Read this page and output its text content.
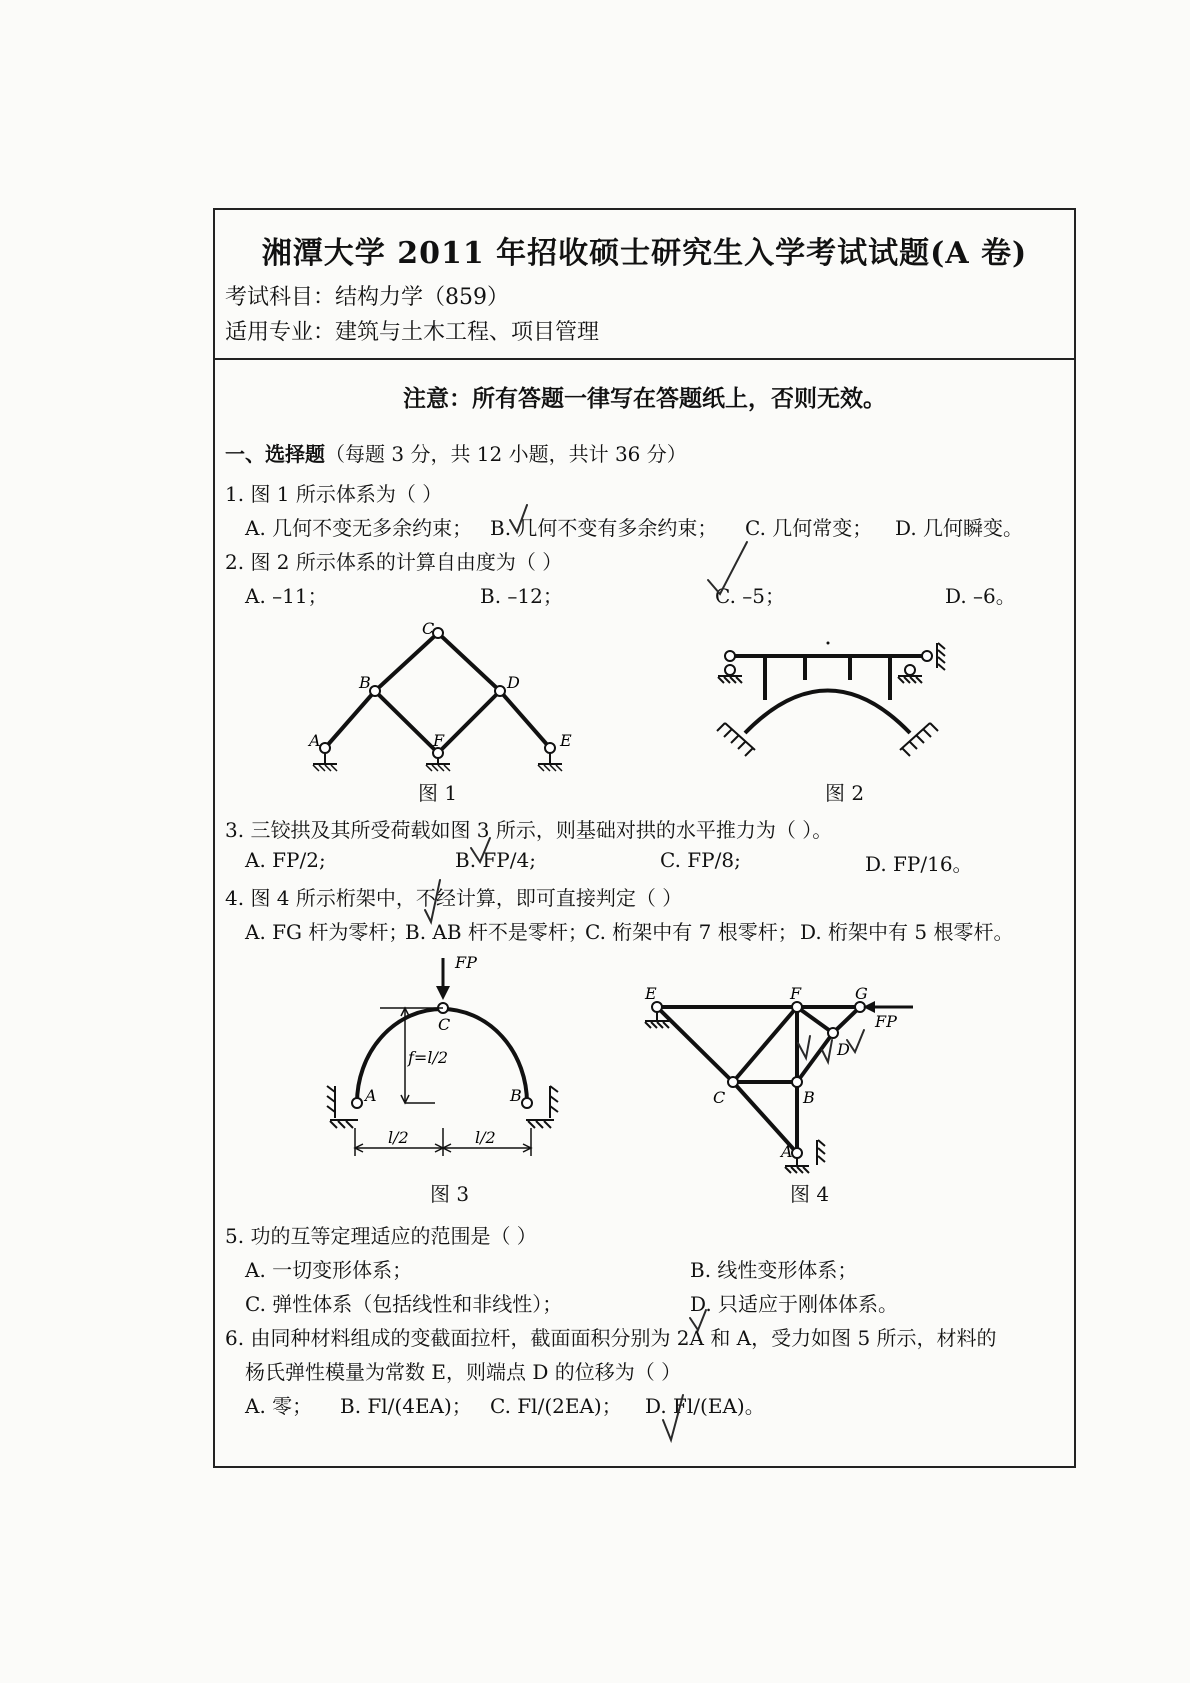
湘潭大学 2011 年招收硕士研究生入学考试试题(A 卷)
考试科目：结构力学（859）
适用专业：建筑与土木工程、项目管理
注意：所有答题一律写在答题纸上，否则无效。
一、选择题（每题 3 分，共 12 小题，共计 36 分）
1. 图 1 所示体系为（ ）
A. 几何不变无多余约束； B. 几何不变有多余约束； C. 几何常变； D. 几何瞬变。
2. 图 2 所示体系的计算自由度为（ ）
A. –11；	B. –12；	C. –5；	D. –6。
A
B
C
D
E
F
图 1	图 2
3. 三铰拱及其所受荷载如图 3 所示，则基础对拱的水平推力为（ ）。
A. FP/2;	B. FP/4;	C. FP/8;	D. FP/16。
4. 图 4 所示桁架中，不经计算，即可直接判定（ ）
A. FG 杆为零杆；
B. AB 杆不是零杆；
C. 桁架中有 7 根零杆； D. 桁架中有 5 根零杆。
FP
C
A	B
f=l/2
l/2	l/2
图 3
E	F	G
FP
D
C	B
A
图 4
5. 功的互等定理适应的范围是（ ）
A. 一切变形体系；	B. 线性变形体系；
C. 弹性体系（包括线性和非线性）；	D. 只适应于刚体体系。
6. 由同种材料组成的变截面拉杆，截面面积分别为 2A 和 A，受力如图 5 所示，材料的
杨氏弹性模量为常数 E，则端点 D 的位移为（ ）
A. 零； B. Fl/(4EA)； C. Fl/(2EA)； D. Fl/(EA)。
